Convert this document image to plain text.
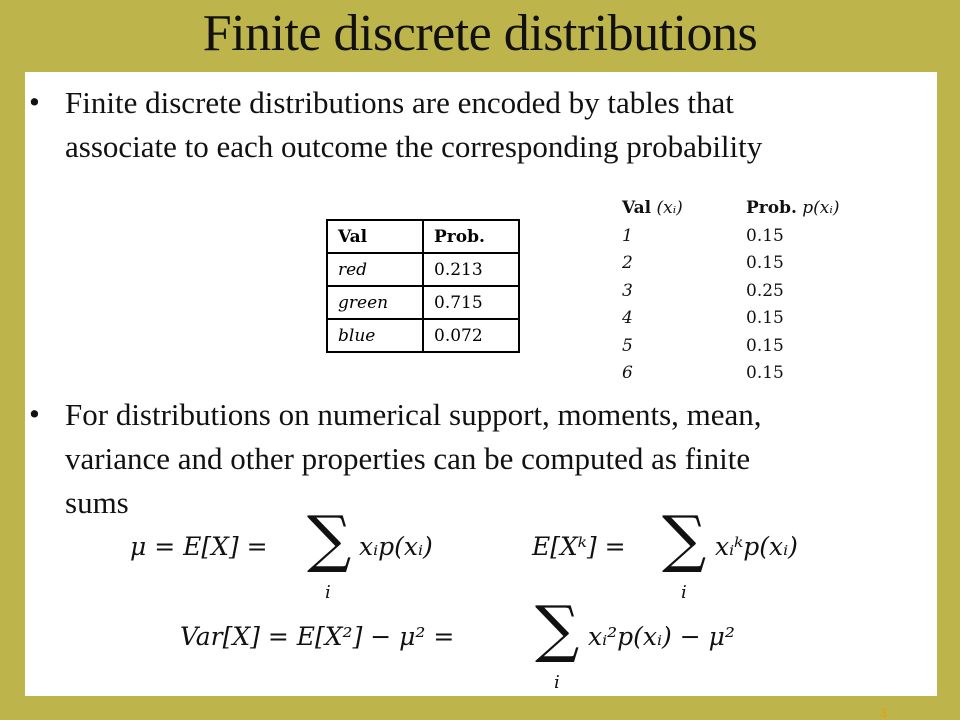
Finite discrete distributions
• Finite discrete distributions are encoded by tables that
associate to each outcome the corresponding probability
Val	Prob.
red	0.213
green	0.715
blue	0.072
Val (xᵢ)	Prob. p(xᵢ)
1	0.15
2	0.15
3	0.25
4	0.15
5	0.15
6	0.15
• For distributions on numerical support, moments, mean,
variance and other properties can be computed as finite
sums
μ = E[X] = ∑
i
xᵢp(xᵢ)	E[Xᵏ] = ∑
i
xᵢᵏp(xᵢ)
Var[X] = E[X²] − μ² = ∑
i
xᵢ²p(xᵢ) − μ²
3
